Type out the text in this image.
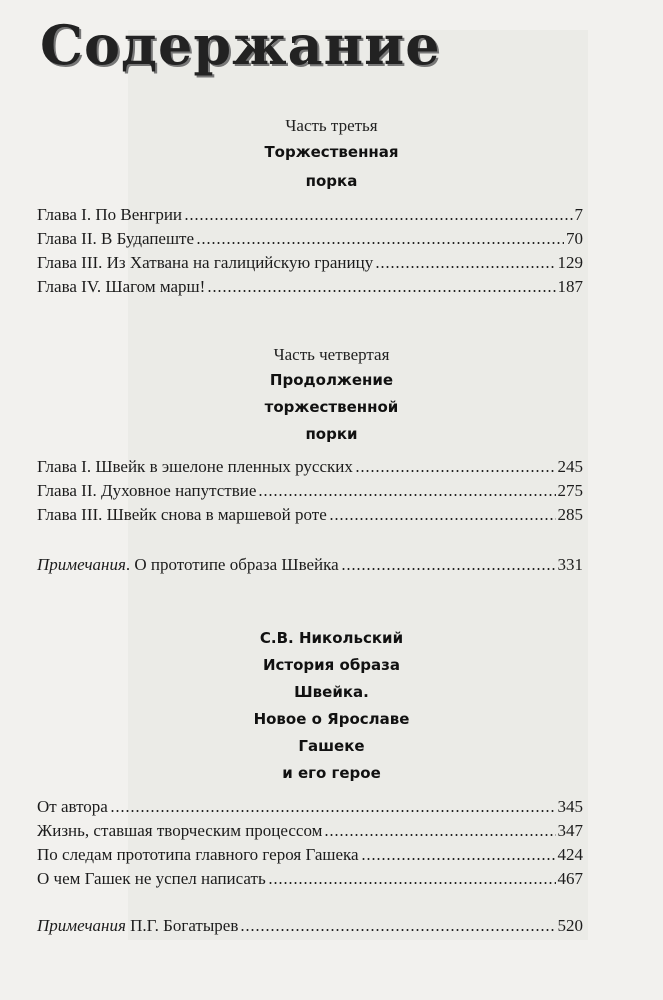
Содержание
Часть третья
Торжественная
порка
Глава I. По Венгрии	7
Глава II. В Будапеште	70
Глава III. Из Хатвана на галицийскую границу	129
Глава IV. Шагом марш!	187
Часть четвертая
Продолжение
торжественной
порки
Глава I. Швейк в эшелоне пленных русских	245
Глава II. Духовное напутствие	275
Глава III. Швейк снова в маршевой роте	285
Примечания. О прототипе образа Швейка	331
С.В. Никольский
История образа
Швейка.
Новое о Ярославе
Гашеке
и его герое
От автора	345
Жизнь, ставшая творческим процессом	347
По следам прототипа главного героя Гашека	424
О чем Гашек не успел написать	467
Примечания П.Г. Богатырев	520
